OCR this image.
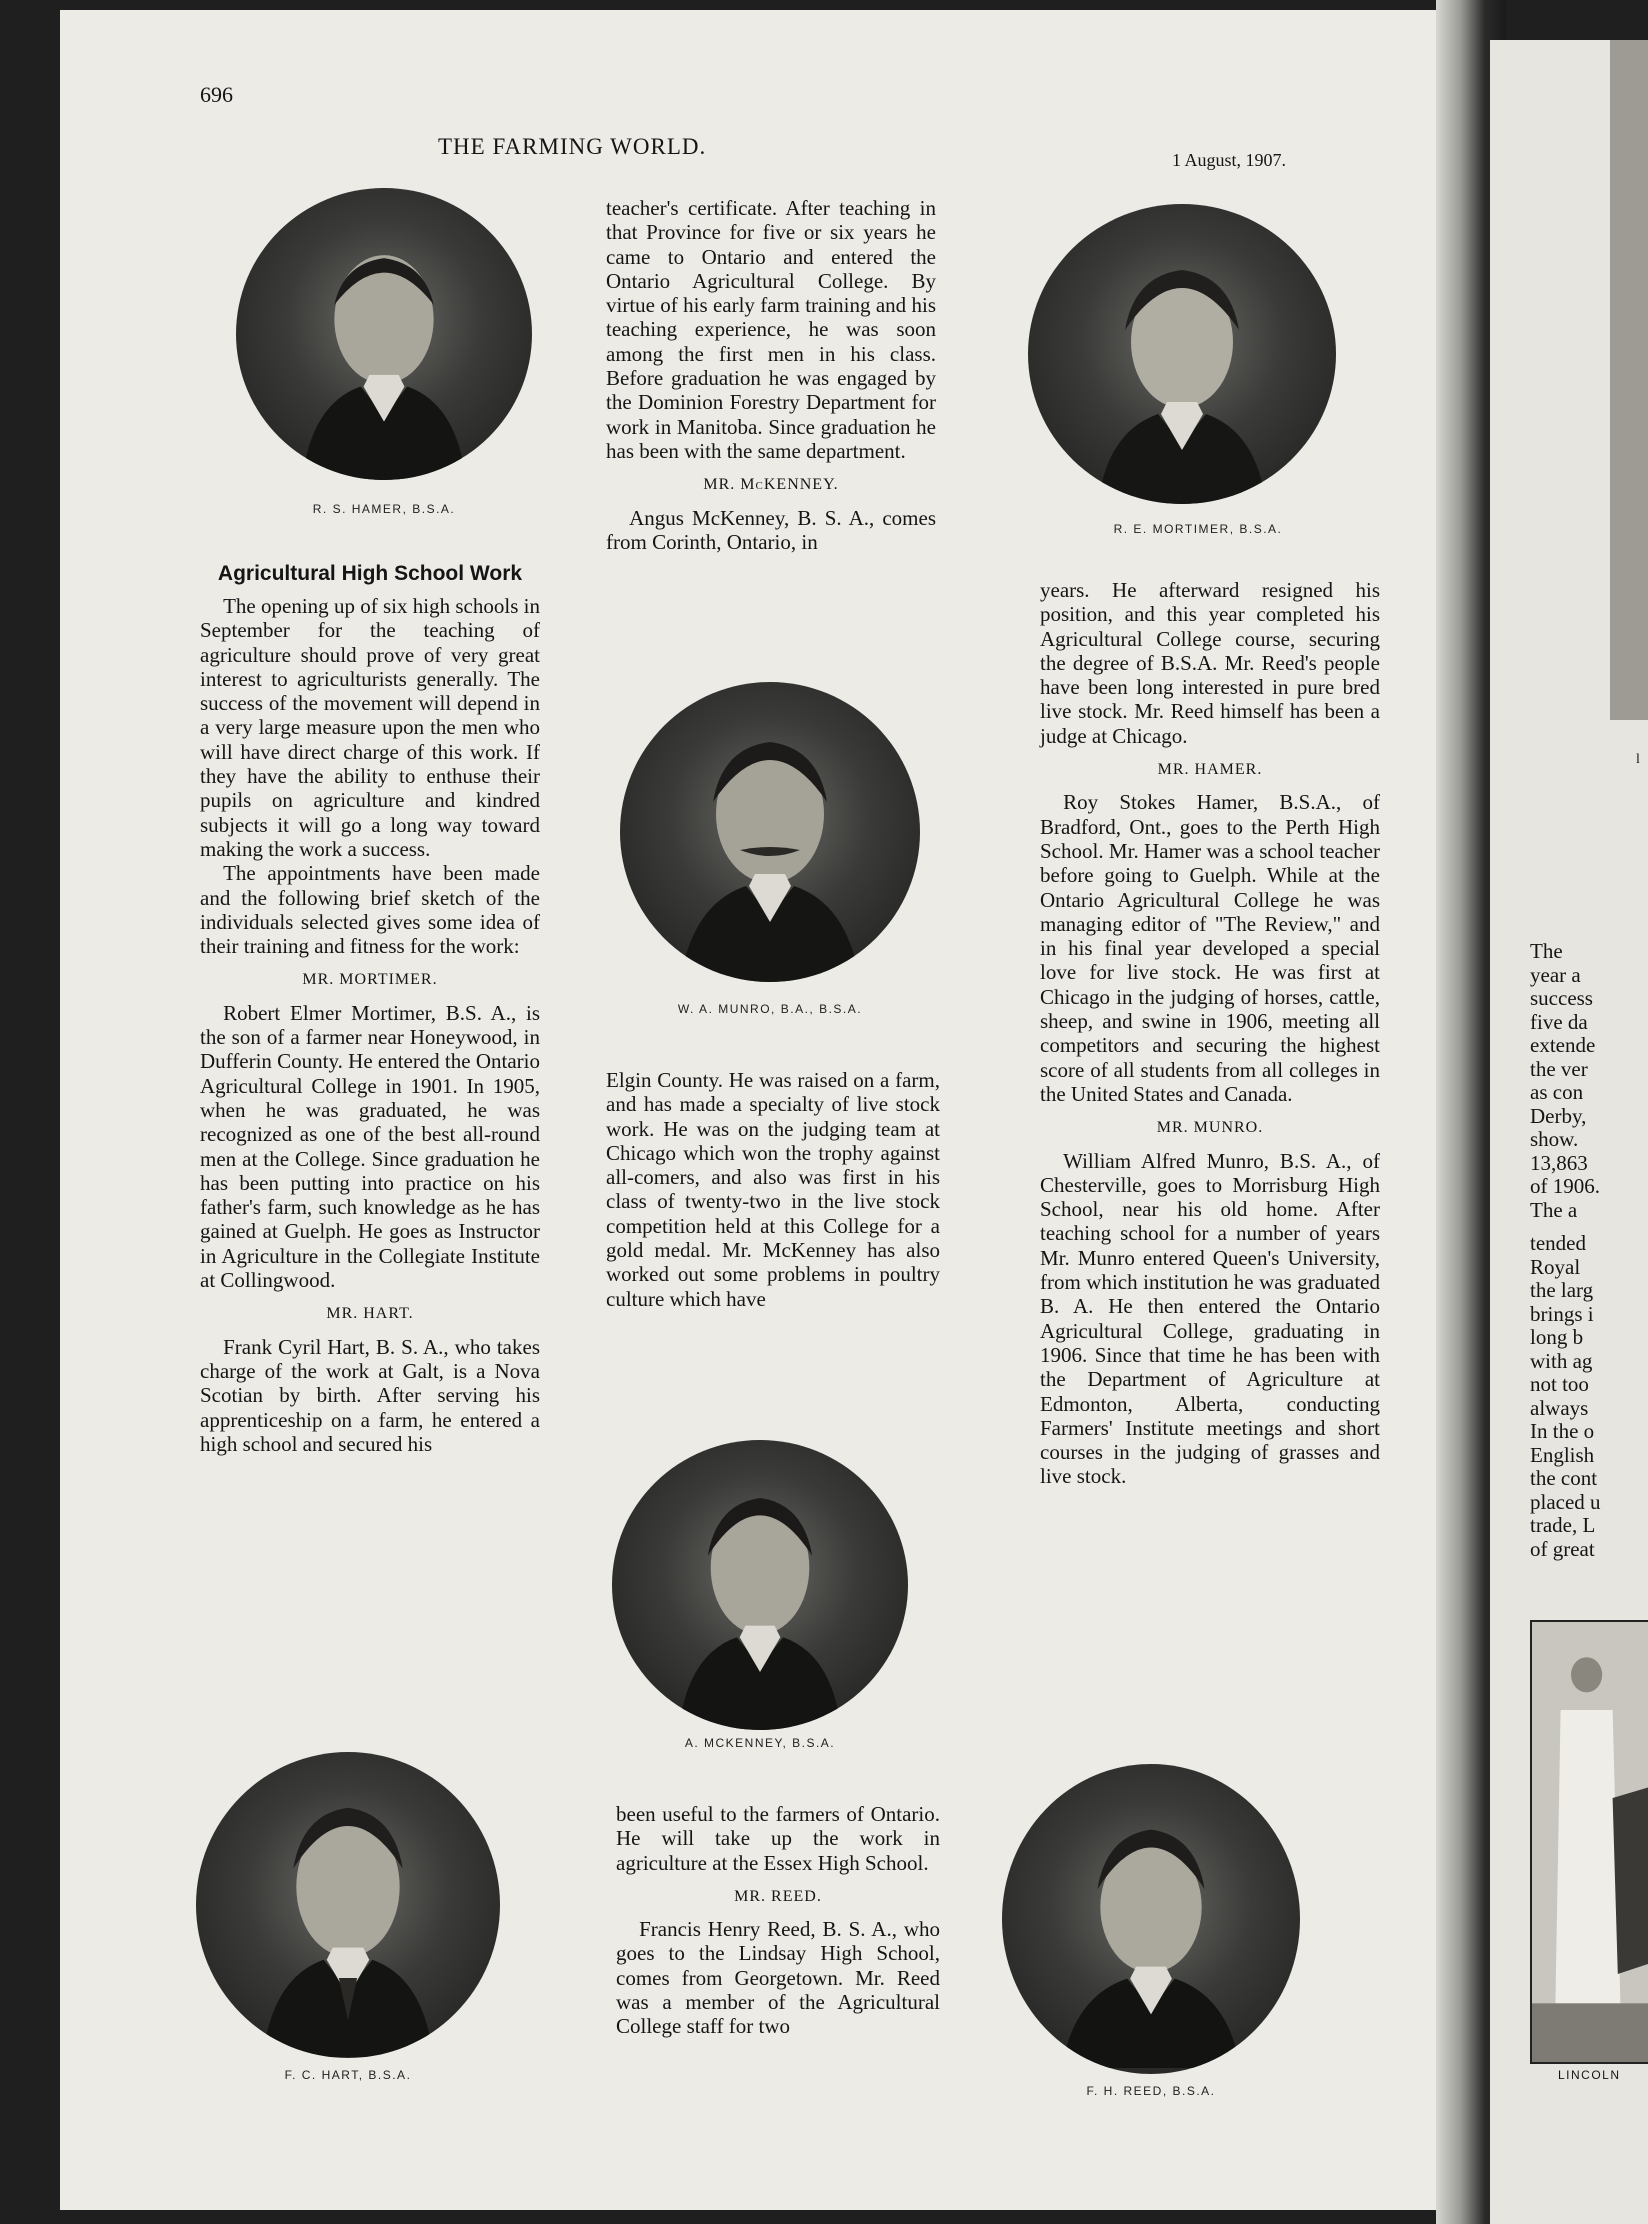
696
THE FARMING WORLD.
1 August, 1907.
R. S. HAMER, B.S.A.
R. E. MORTIMER, B.S.A.
W. A. MUNRO, B.A., B.S.A.
A. MCKENNEY, B.S.A.
F. C. HART, B.S.A.
F. H. REED, B.S.A.
Agricultural High School Work

The opening up of six high schools in September for the teaching of agriculture should prove of very great interest to agriculturists generally. The success of the movement will depend in a very large measure upon the men who will have direct charge of this work. If they have the ability to enthuse their pupils on agriculture and kindred subjects it will go a long way toward making the work a success.

The appointments have been made and the following brief sketch of the individuals selected gives some idea of their training and fitness for the work:

MR. MORTIMER.

Robert Elmer Mortimer, B.S. A., is the son of a farmer near Honeywood, in Dufferin County. He entered the Ontario Agricultural College in 1901. In 1905, when he was graduated, he was recognized as one of the best all-round men at the College. Since graduation he has been putting into practice on his father's farm, such knowledge as he has gained at Guelph. He goes as Instructor in Agriculture in the Collegiate Institute at Collingwood.

MR. HART.

Frank Cyril Hart, B. S. A., who takes charge of the work at Galt, is a Nova Scotian by birth. After serving his apprenticeship on a farm, he entered a high school and secured his

teacher's certificate. After teaching in that Province for five or six years he came to Ontario and entered the Ontario Agricultural College. By virtue of his early farm training and his teaching experience, he was soon among the first men in his class. Before graduation he was engaged by the Dominion Forestry Department for work in Manitoba. Since graduation he has been with the same department.

MR. McKENNEY.

Angus McKenney, B. S. A., comes from Corinth, Ontario, in

Elgin County. He was raised on a farm, and has made a specialty of live stock work. He was on the judging team at Chicago which won the trophy against all-comers, and also was first in his class of twenty-two in the live stock competition held at this College for a gold medal. Mr. McKenney has also worked out some problems in poultry culture which have

been useful to the farmers of Ontario. He will take up the work in agriculture at the Essex High School.

MR. REED.

Francis Henry Reed, B. S. A., who goes to the Lindsay High School, comes from Georgetown. Mr. Reed was a member of the Agricultural College staff for two

years. He afterward resigned his position, and this year completed his Agricultural College course, securing the degree of B.S.A. Mr. Reed's people have been long interested in pure bred live stock. Mr. Reed himself has been a judge at Chicago.

MR. HAMER.

Roy Stokes Hamer, B.S.A., of Bradford, Ont., goes to the Perth High School. Mr. Hamer was a school teacher before going to Guelph. While at the Ontario Agricultural College he was managing editor of "The Review," and in his final year developed a special love for live stock. He was first at Chicago in the judging of horses, cattle, sheep, and swine in 1906, meeting all competitors and securing the highest score of all students from all colleges in the United States and Canada.

MR. MUNRO.

William Alfred Munro, B.S. A., of Chesterville, goes to Morrisburg High School, near his old home. After teaching school for a number of years Mr. Munro entered Queen's University, from which institution he was graduated B. A. He then entered the Ontario Agricultural College, graduating in 1906. Since that time he has been with the Department of Agriculture at Edmonton, Alberta, conducting Farmers' Institute meetings and short courses in the judging of grasses and live stock.

l
The
year a
success
five da
extende
the ver
as con
Derby,
show.
13,863
of 1906.
The a
tended
Royal
the larg
brings i
long b
with ag
not too
always
In the o
English
the cont
placed u
trade, L
of great
LINCOLN
